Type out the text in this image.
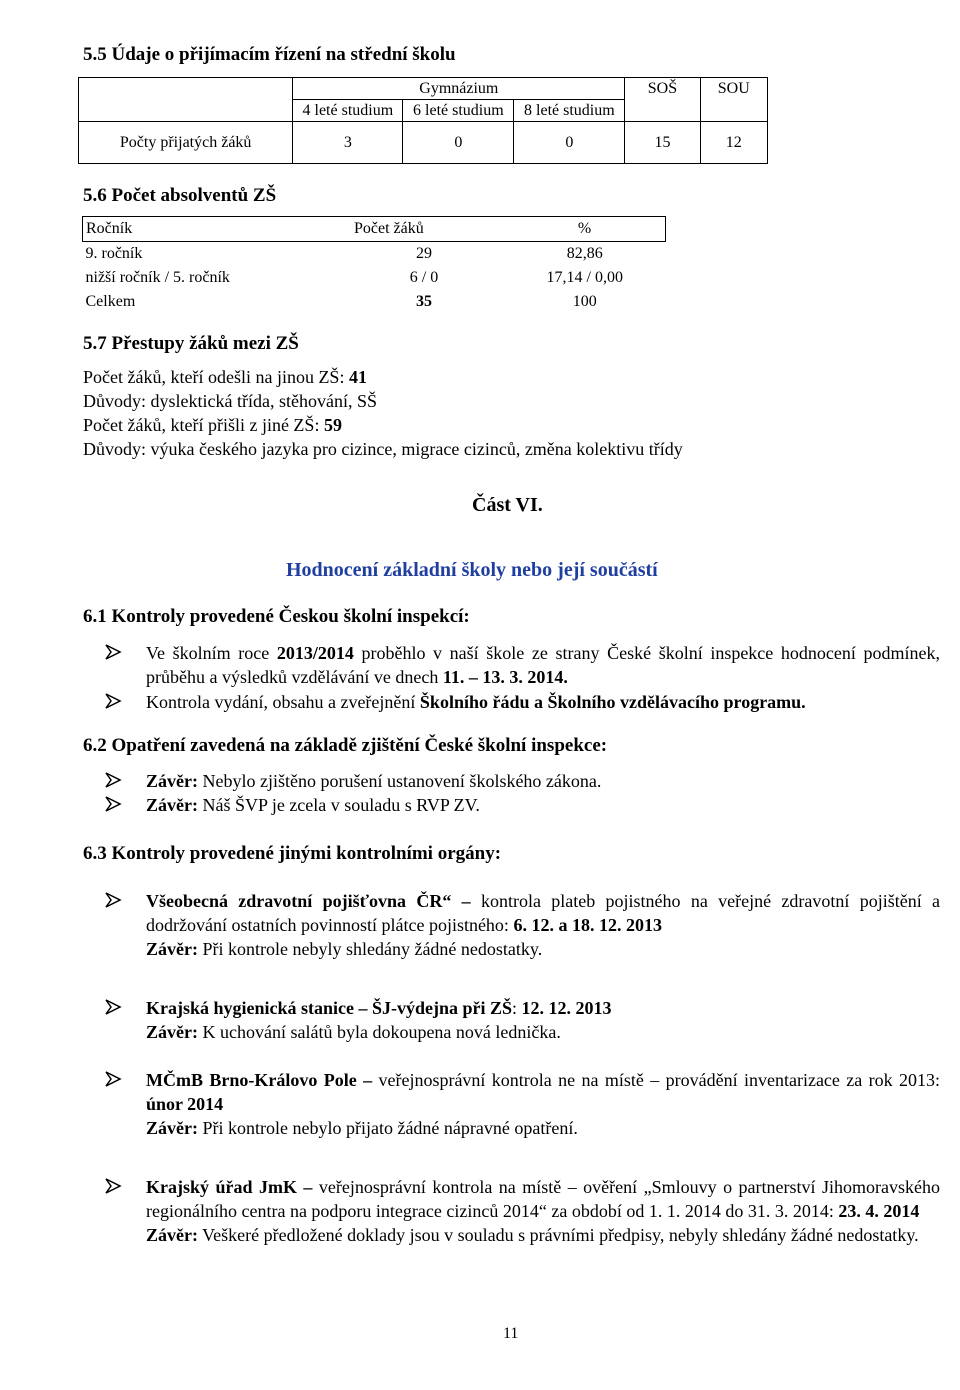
5.5 Údaje o přijímacím řízení na střední školu
	Gymnázium			SOŠ	SOU
	4 leté studium	6 leté studium	8 leté studium		
Počty přijatých žáků	3	0	0	15	12
5.6 Počet absolventů ZŠ
Ročník	Počet žáků	%
9. ročník	29	82,86
nižší ročník / 5. ročník	6 / 0	17,14 / 0,00
Celkem	35	100
5.7 Přestupy žáků mezi ZŠ
Počet žáků, kteří odešli na jinou ZŠ: 41
Důvody: dyslektická třída, stěhování, SŠ
Počet žáků, kteří přišli z jiné ZŠ: 59
Důvody: výuka českého jazyka pro cizince, migrace cizinců, změna kolektivu třídy
Část VI.
Hodnocení základní školy nebo její součástí
6.1 Kontroly provedené Českou školní inspekcí:
Ve školním roce 2013/2014 proběhlo v naší škole ze strany České školní inspekce hodnocení podmínek, průběhu a výsledků vzdělávání ve dnech 11. – 13. 3. 2014.
Kontrola vydání, obsahu a zveřejnění Školního řádu a Školního vzdělávacího programu.
6.2 Opatření zavedená na základě zjištění České školní inspekce:
Závěr: Nebylo zjištěno porušení ustanovení školského zákona.
Závěr: Náš ŠVP je zcela v souladu s RVP ZV.
6.3 Kontroly provedené jinými kontrolními orgány:
Všeobecná zdravotní pojišťovna ČR“ – kontrola plateb pojistného na veřejné zdravotní pojištění a dodržování ostatních povinností plátce pojistného: 6. 12. a 18. 12. 2013
Závěr: Při kontrole nebyly shledány žádné nedostatky.
Krajská hygienická stanice – ŠJ-výdejna při ZŠ: 12. 12. 2013
Závěr: K uchování salátů byla dokoupena nová lednička.
MČmB Brno-Královo Pole – veřejnosprávní kontrola ne na místě – provádění inventarizace za rok 2013: únor 2014
Závěr: Při kontrole nebylo přijato žádné nápravné opatření.
Krajský úřad JmK – veřejnosprávní kontrola na místě – ověření „Smlouvy o partnerství Jihomoravského regionálního centra na podporu integrace cizinců 2014“ za období od 1. 1. 2014 do 31. 3. 2014: 23. 4. 2014
Závěr: Veškeré předložené doklady jsou v souladu s právními předpisy, nebyly shledány žádné nedostatky.
11
